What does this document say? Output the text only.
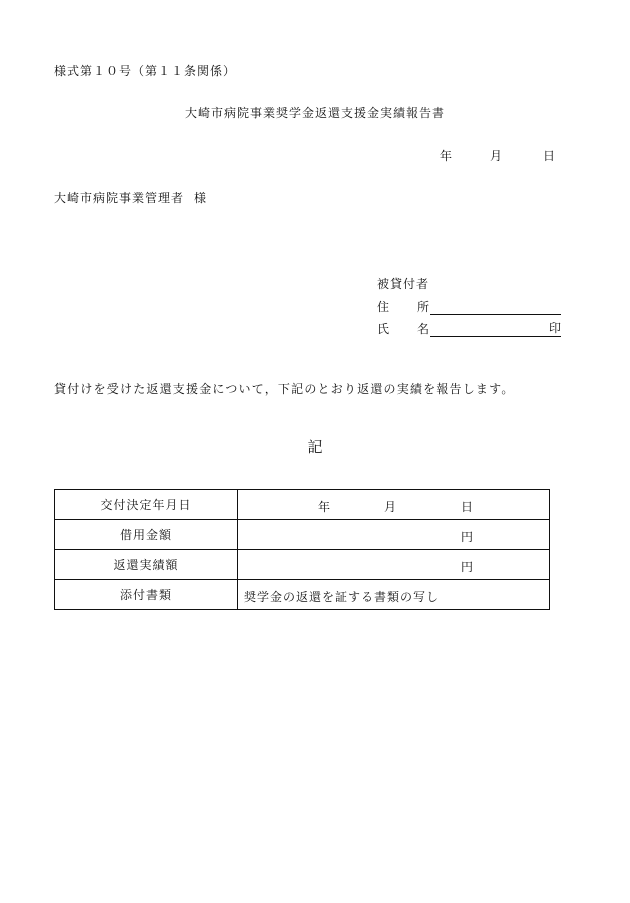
様式第１０号（第１１条関係）
大崎市病院事業奨学金返還支援金実績報告書
年	月	日
大崎市病院事業管理者 様
被貸付者
住 所
氏 名	印
貸付けを受けた返還支援金について，下記のとおり返還の実績を報告します。
記
交付決定年月日	年 月 日

借用金額	円

返還実績額	円

添付書類	奨学金の返還を証する書類の写し
